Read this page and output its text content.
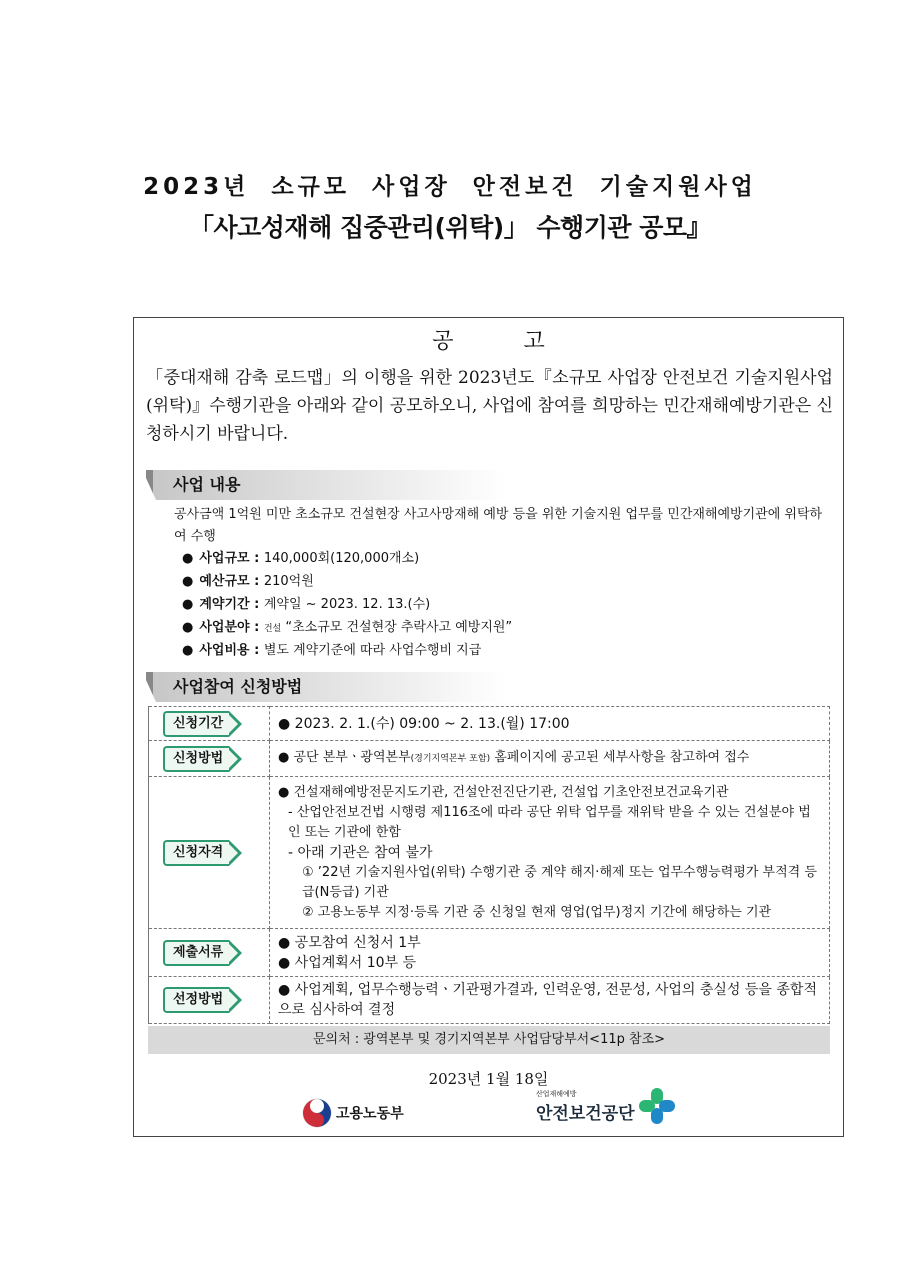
2023년 소규모 사업장 안전보건 기술지원사업
「사고성재해 집중관리(위탁)」 수행기관 공모』
공고
「중대재해 감축 로드맵」의 이행을 위한 2023년도『소규모 사업장 안전보건 기술지원사업(위탁)』수행기관을 아래와 같이 공모하오니, 사업에 참여를 희망하는 민간재해예방기관은 신청하시기 바랍니다.
사업 내용
공사금액 1억원 미만 초소규모 건설현장 사고사망재해 예방 등을 위한 기술지원 업무를 민간재해예방기관에 위탁하여 수행
● 사업규모 : 140,000회(120,000개소)
● 예산규모 : 210억원
● 계약기간 : 계약일 ~ 2023. 12. 13.(수)
● 사업분야 : 건설 “초소규모 건설현장 추락사고 예방지원”
● 사업비용 : 별도 계약기준에 따라 사업수행비 지급
사업참여 신청방법
신청기간	● 2023. 2. 1.(수) 09:00 ~ 2. 13.(월) 17:00
신청방법	● 공단 본부ㆍ광역본부(경기지역본부 포함) 홈페이지에 공고된 세부사항을 참고하여 접수
신청자격	● 건설재해예방전문지도기관, 건설안전진단기관, 건설업 기초안전보건교육기관
- 산업안전보건법 시행령 제116조에 따라 공단 위탁 업무를 재위탁 받을 수 있는 건설분야 법인 또는 기관에 한함
- 아래 기관은 참여 불가
① ’22년 기술지원사업(위탁) 수행기관 중 계약 해지·해제 또는 업무수행능력평가 부적격 등급(N등급) 기관
② 고용노동부 지정·등록 기관 중 신청일 현재 영업(업무)정지 기간에 해당하는 기관

제출서류	● 공모참여 신청서 1부
● 사업계획서 10부 등

선정방법	● 사업계획, 업무수행능력ㆍ기관평가결과, 인력운영, 전문성, 사업의 충실성 등을 종합적으로 심사하여 결정
문의처 : 광역본부 및 경기지역본부 사업담당부서<11p 참조>
2023년 1월 18일
고용노동부
산업재해예방
안전보건공단
